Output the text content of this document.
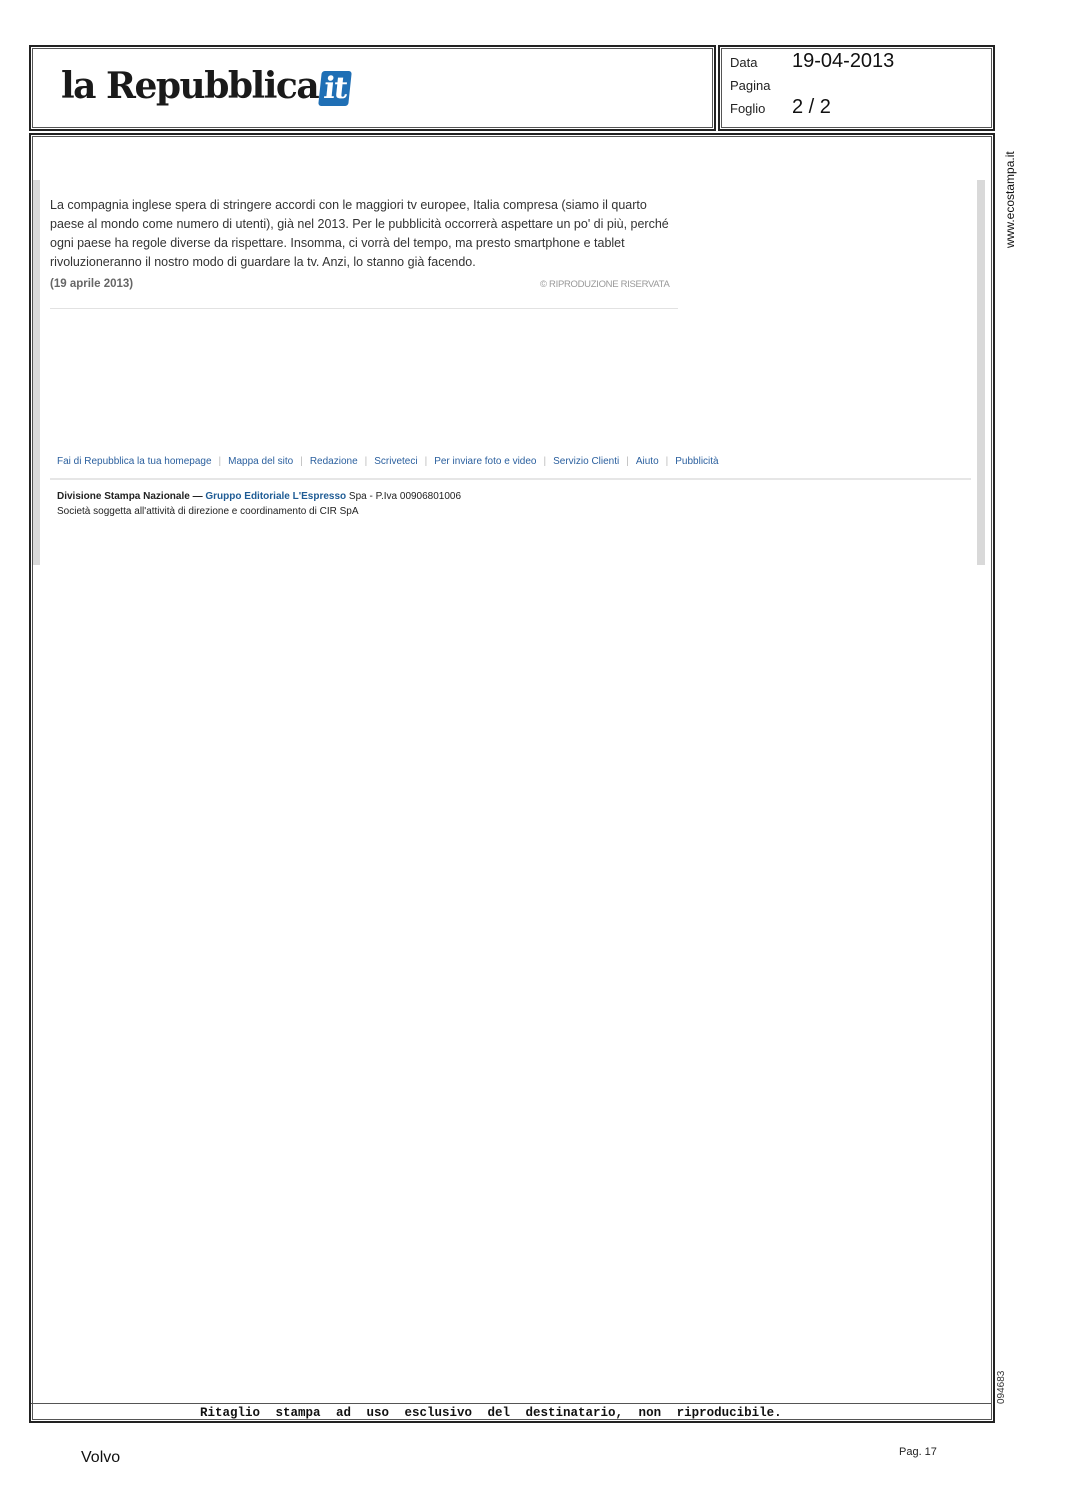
la Repubblica it
Data 19-04-2013
Pagina
Foglio 2 / 2
La compagnia inglese spera di stringere accordi con le maggiori tv europee, Italia compresa (siamo il quarto paese al mondo come numero di utenti), già nel 2013. Per le pubblicità occorrerà aspettare un po' di più, perché ogni paese ha regole diverse da rispettare. Insomma, ci vorrà del tempo, ma presto smartphone e tablet rivoluzioneranno il nostro modo di guardare la tv. Anzi, lo stanno già facendo.
(19 aprile 2013)	© RIPRODUZIONE RISERVATA
Fai di Repubblica la tua homepage | Mappa del sito | Redazione | Scriveteci | Per inviare foto e video | Servizio Clienti | Aiuto | Pubblicità
Divisione Stampa Nazionale — Gruppo Editoriale L'Espresso Spa - P.Iva 00906801006
Società soggetta all'attività di direzione e coordinamento di CIR SpA
www.ecostampa.it
094683
Ritaglio stampa ad uso esclusivo del destinatario, non riproducibile.
Volvo	Pag. 17
